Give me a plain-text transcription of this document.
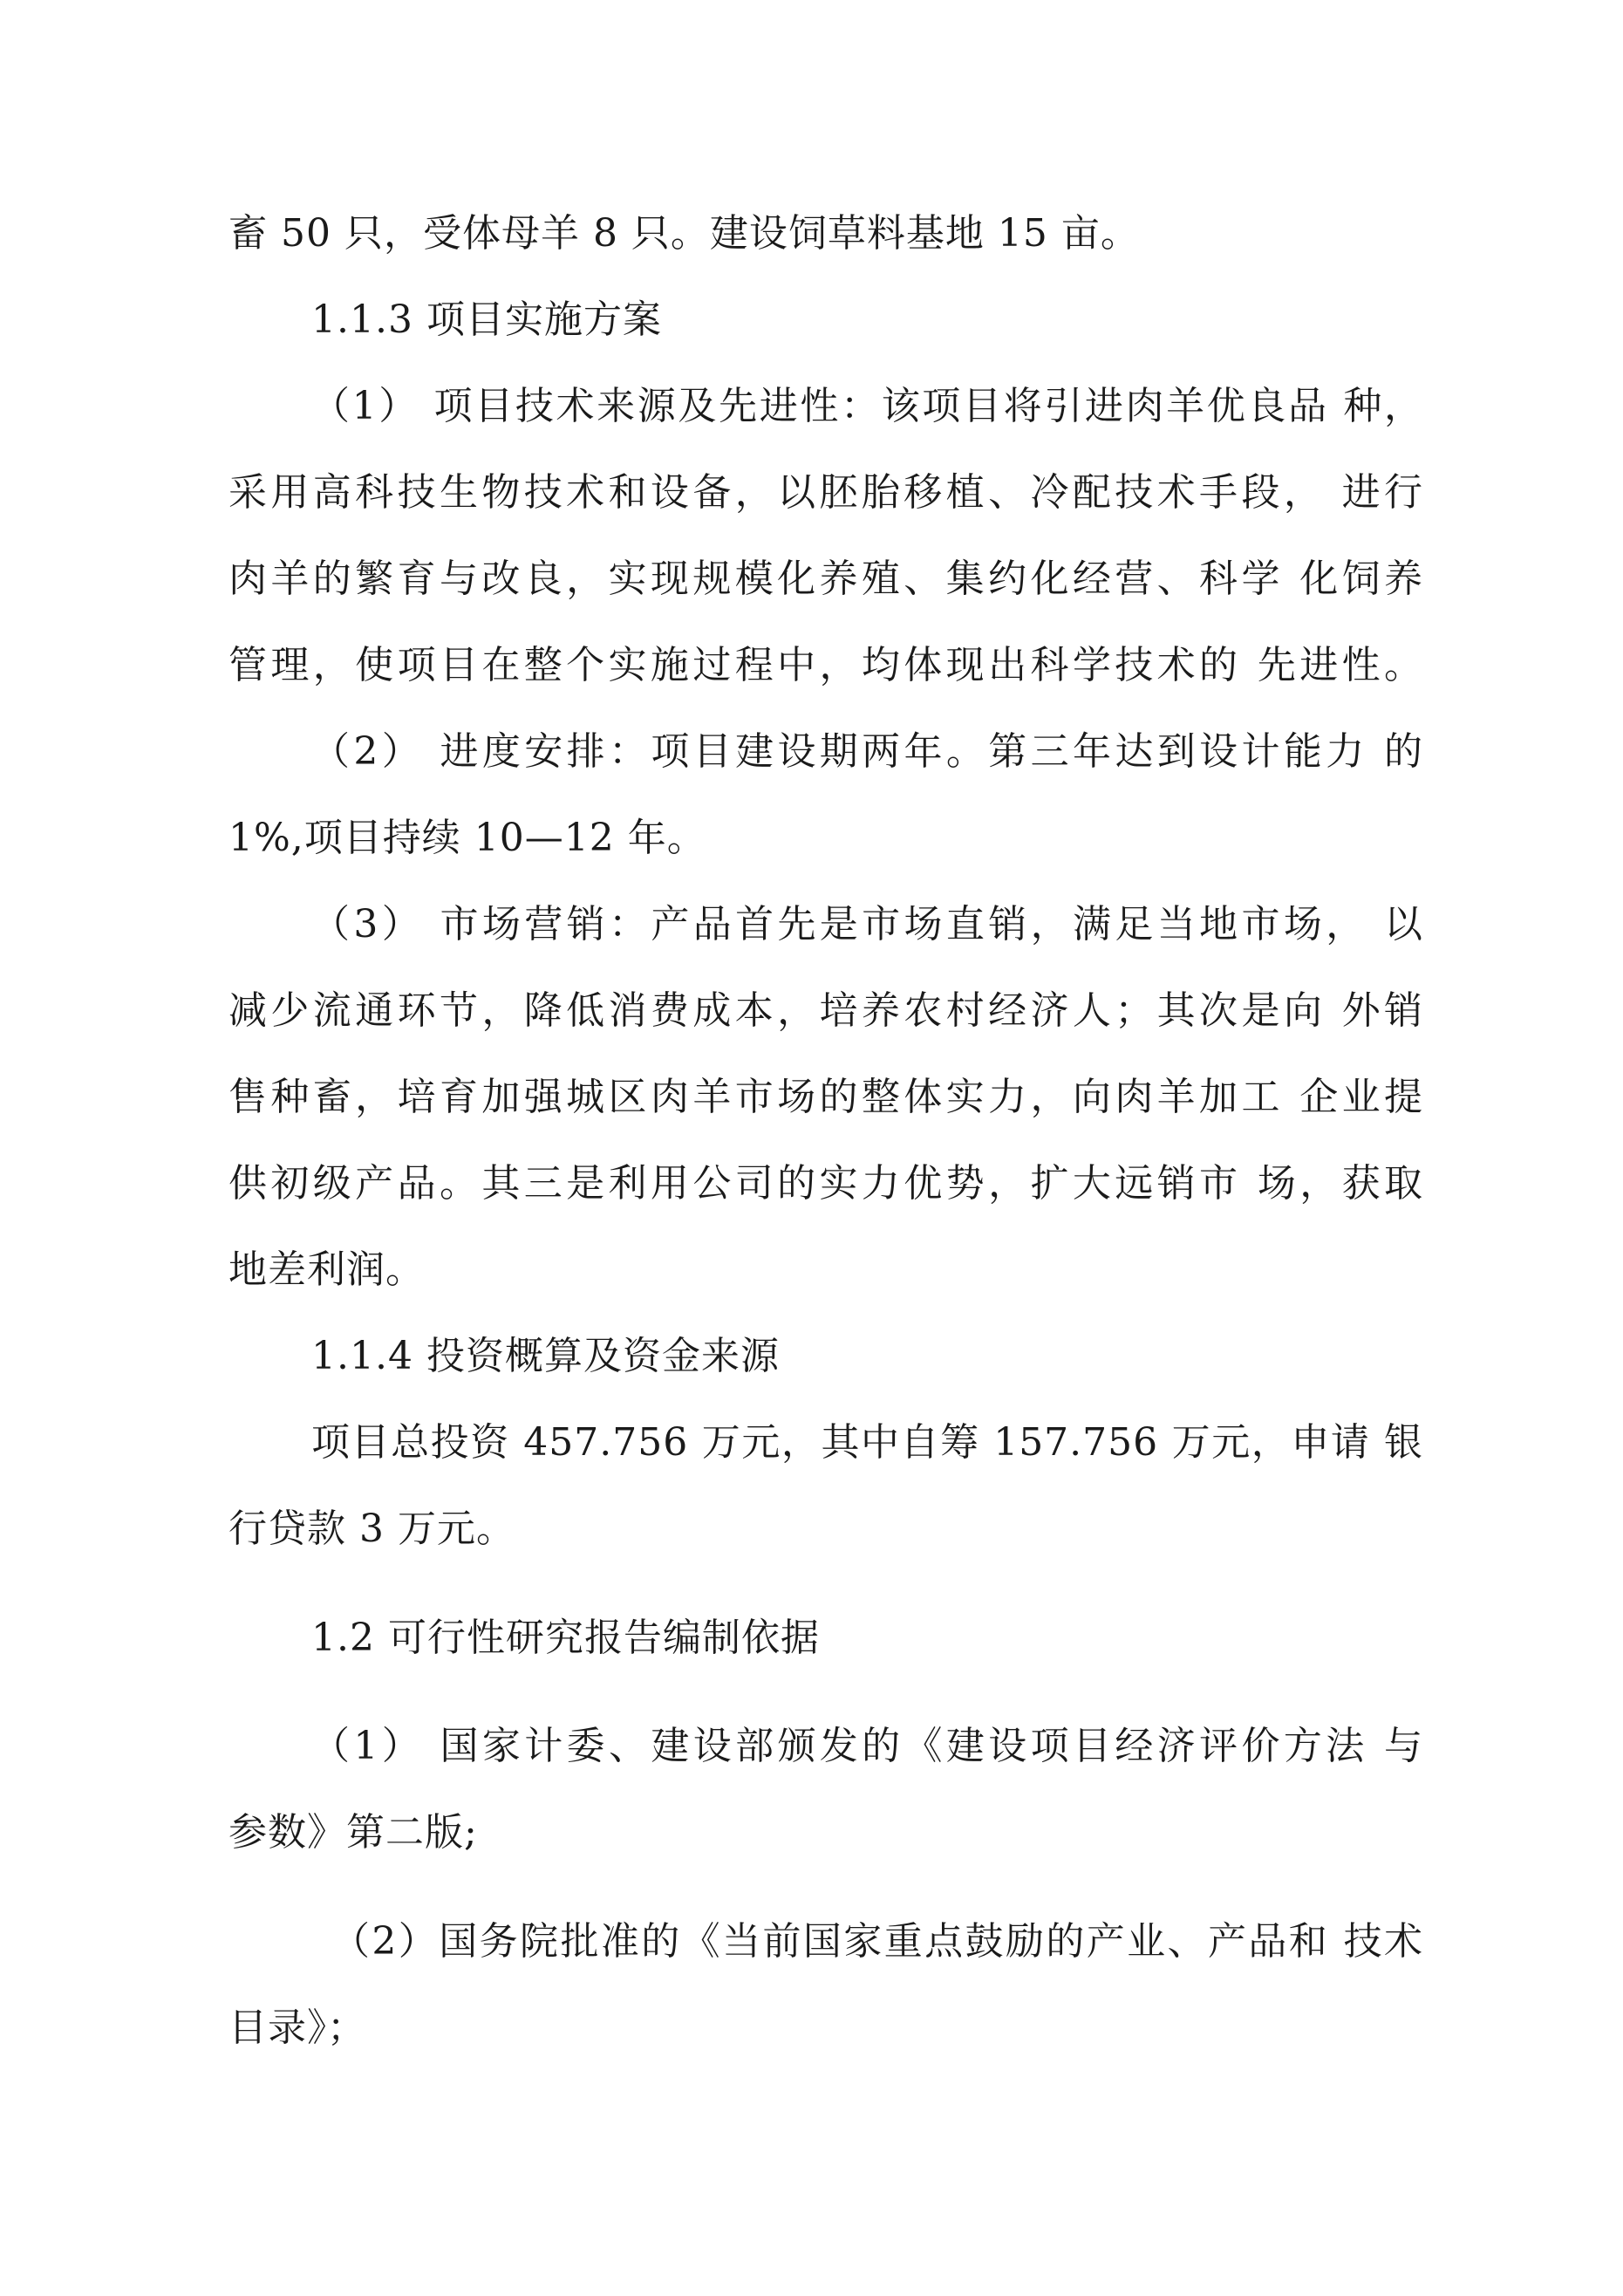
畜 50 只，受体母羊 8 只。建设饲草料基地 15 亩。

1.1.3 项目实施方案

（1） 项目技术来源及先进性：该项目将引进肉羊优良品 种，

采用高科技生物技术和设备，以胚胎移植、冷配技术手段， 进行

肉羊的繁育与改良，实现规模化养殖、集约化经营、科学 化饲养

管理，使项目在整个实施过程中，均体现出科学技术的 先进性。

（2） 进度安排：项目建设期两年。第三年达到设计能力 的

1%,项目持续 10—12 年。

（3） 市场营销：产品首先是市场直销，满足当地市场， 以

减少流通环节，降低消费成本，培养农村经济人；其次是向 外销

售种畜，培育加强城区肉羊市场的整体实力，向肉羊加工 企业提

供初级产品。其三是利用公司的实力优势，扩大远销市 场，获取

地差利润。

1.1.4 投资概算及资金来源

项目总投资 457.756 万元，其中自筹 157.756 万元，申请 银

行贷款 3 万元。

1.2 可行性研究报告编制依据

（1） 国家计委、建设部颁发的《建设项目经济评价方法 与

参数》第二版;

（2）国务院批准的《当前国家重点鼓励的产业、产品和 技术

目录》；
